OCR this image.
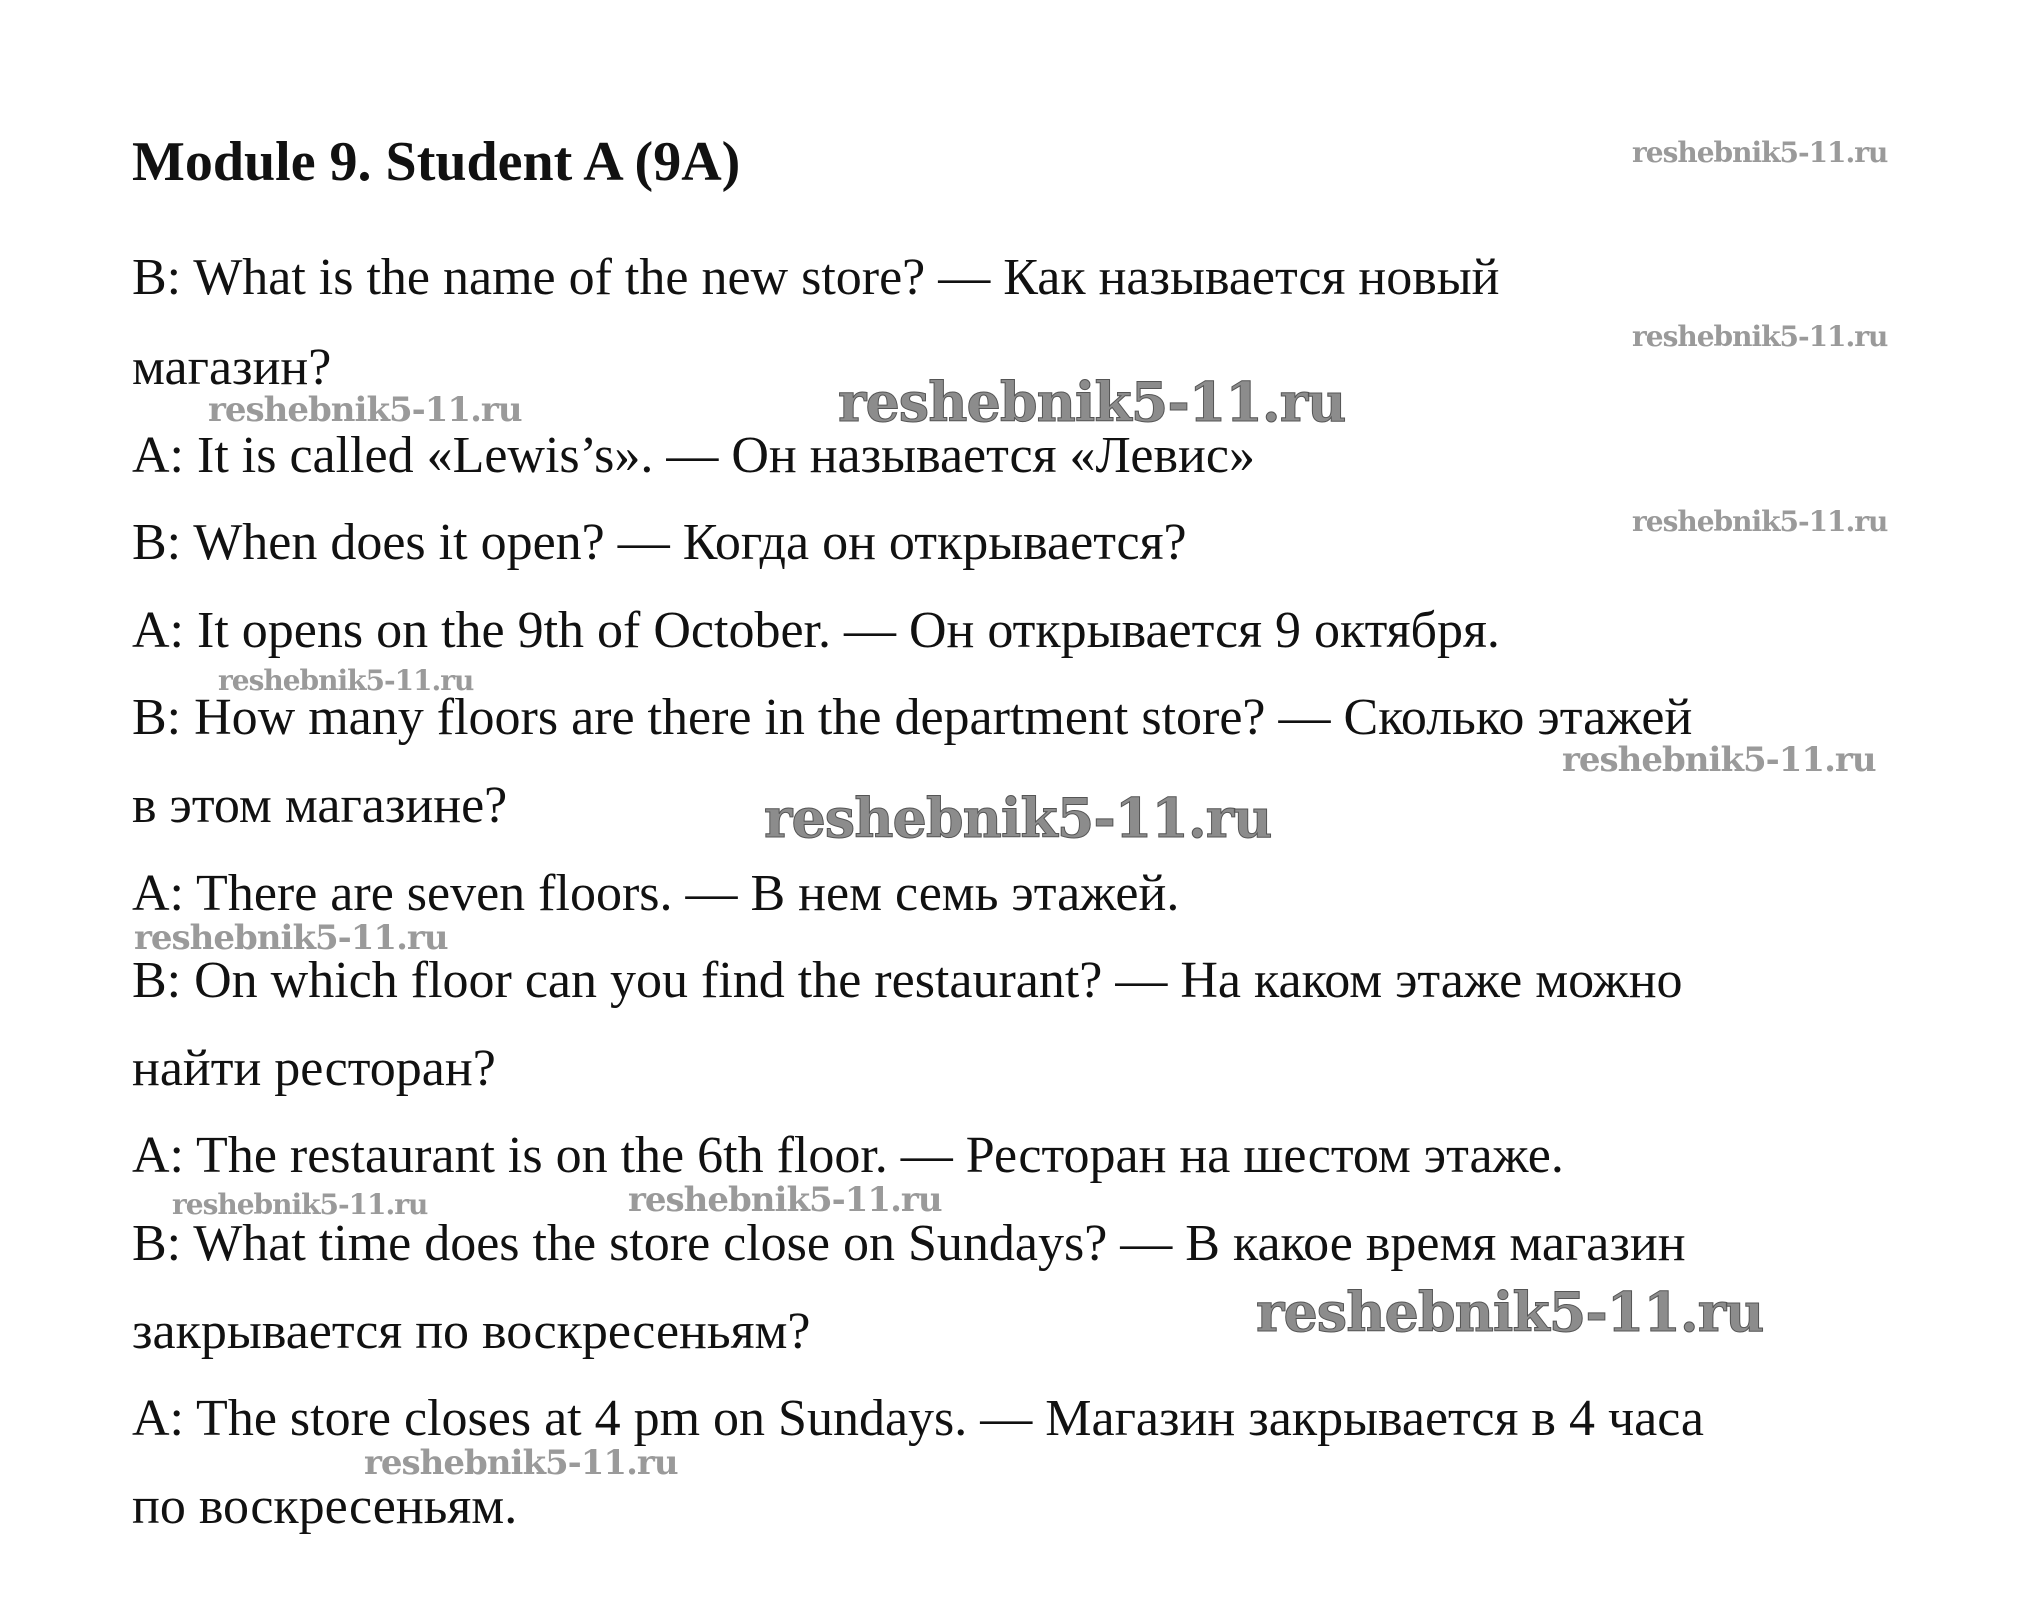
Module 9. Student A (9A)
B: What is the name of the new store? — Как называется новый
магазин?
A: It is called «Lewis’s». — Он называется «Левис»
B: When does it open? — Когда он открывается?
A: It opens on the 9th of October. — Он открывается 9 октября.
B: How many floors are there in the department store? — Сколько этажей
в этом магазине?
A: There are seven floors. — В нем семь этажей.
B: On which floor can you find the restaurant? — На каком этаже можно
найти ресторан?
A: The restaurant is on the 6th floor. — Ресторан на шестом этаже.
B: What time does the store close on Sundays? — В какое время магазин
закрывается по воскресеньям?
A: The store closes at 4 pm on Sundays. — Магазин закрывается в 4 часа
по воскресеньям.
reshebnik5-11.ru
reshebnik5-11.ru
reshebnik5-11.ru	reshebnik5-11.ru
reshebnik5-11.ru
reshebnik5-11.ru
reshebnik5-11.ru
reshebnik5-11.ru
reshebnik5-11.ru
reshebnik5-11.ru	reshebnik5-11.ru
reshebnik5-11.ru
reshebnik5-11.ru
